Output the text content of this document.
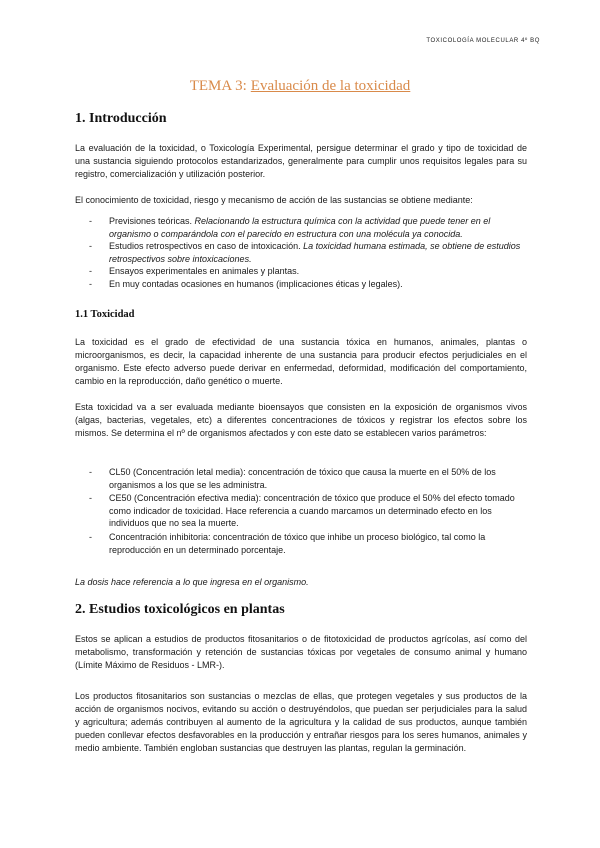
TOXICOLOGÍA MOLECULAR 4º BQ
TEMA 3: Evaluación de la toxicidad
1. Introducción

La evaluación de la toxicidad, o Toxicología Experimental, persigue determinar el grado y tipo de toxicidad de una sustancia siguiendo protocolos estandarizados, generalmente para cumplir unos requisitos legales para su registro, comercialización y utilización posterior.

El conocimiento de toxicidad, riesgo y mecanismo de acción de las sustancias se obtiene mediante:

- Previsiones teóricas. Relacionando la estructura química con la actividad que puede tener en el organismo o comparándola con el parecido en estructura con una molécula ya conocida.
- Estudios retrospectivos en caso de intoxicación. La toxicidad humana estimada, se obtiene de estudios retrospectivos sobre intoxicaciones.
- Ensayos experimentales en animales y plantas.
- En muy contadas ocasiones en humanos (implicaciones éticas y legales).
1.1 Toxicidad

La toxicidad es el grado de efectividad de una sustancia tóxica en humanos, animales, plantas o microorganismos, es decir, la capacidad inherente de una sustancia para producir efectos perjudiciales en el organismo. Este efecto adverso puede derivar en enfermedad, deformidad, modificación del comportamiento, cambio en la reproducción, daño genético o muerte.

Esta toxicidad va a ser evaluada mediante bioensayos que consisten en la exposición de organismos vivos (algas, bacterias, vegetales, etc) a diferentes concentraciones de tóxicos y registrar los efectos sobre los mismos. Se determina el nº de organismos afectados y con este dato se establecen varios parámetros:

- CL50 (Concentración letal media): concentración de tóxico que causa la muerte en el 50% de los organismos a los que se les administra.
- CE50 (Concentración efectiva media): concentración de tóxico que produce el 50% del efecto tomado como indicador de toxicidad. Hace referencia a cuando marcamos un determinado efecto en los individuos que no sea la muerte.
- Concentración inhibitoria: concentración de tóxico que inhibe un proceso biológico, tal como la reproducción en un determinado porcentaje.

La dosis hace referencia a lo que ingresa en el organismo.

2. Estudios toxicológicos en plantas

Estos se aplican a estudios de productos fitosanitarios o de fitotoxicidad de productos agrícolas, así como del metabolismo, transformación y retención de sustancias tóxicas por vegetales de consumo animal y humano (Límite Máximo de Residuos - LMR-).

Los productos fitosanitarios son sustancias o mezclas de ellas, que protegen vegetales y sus productos de la acción de organismos nocivos, evitando su acción o destruyéndolos, que puedan ser perjudiciales para la salud y agricultura; además contribuyen al aumento de la agricultura y la calidad de sus productos, aunque también pueden conllevar efectos desfavorables en la producción y entrañar riesgos para los seres humanos, animales y medio ambiente. También engloban sustancias que destruyen las plantas, regulan la germinación.
